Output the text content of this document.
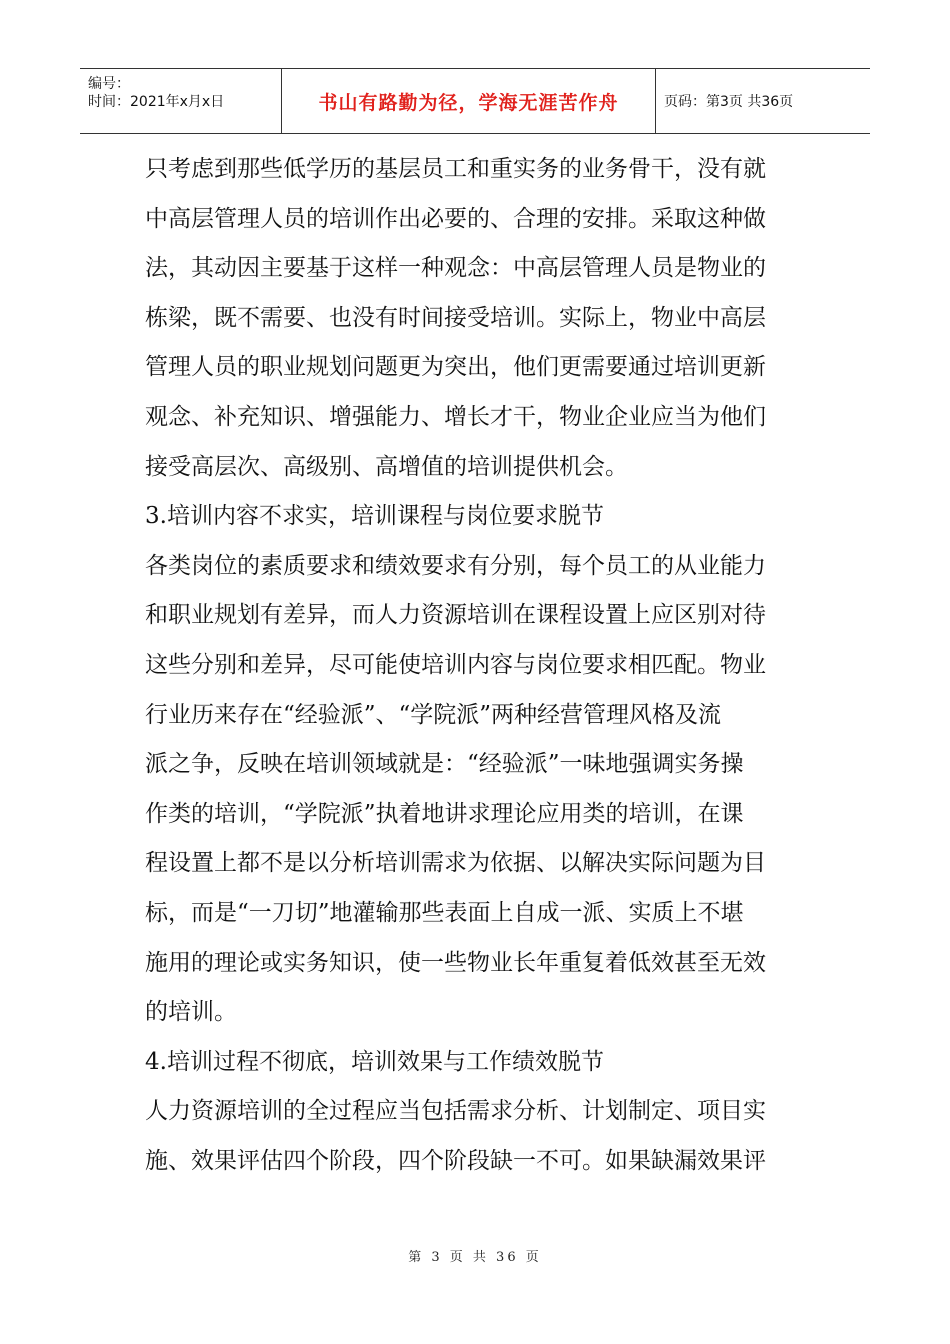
编号：
时间：2021年x月x日	书山有路勤为径，学海无涯苦作舟	页码：第3页 共36页

只考虑到那些低学历的基层员工和重实务的业务骨干，没有就

中高层管理人员的培训作出必要的、合理的安排。采取这种做

法，其动因主要基于这样一种观念：中高层管理人员是物业的

栋梁，既不需要、也没有时间接受培训。实际上，物业中高层

管理人员的职业规划问题更为突出，他们更需要通过培训更新

观念、补充知识、增强能力、增长才干，物业企业应当为他们

接受高层次、高级别、高增值的培训提供机会。

3.培训内容不求实，培训课程与岗位要求脱节

各类岗位的素质要求和绩效要求有分别，每个员工的从业能力

和职业规划有差异，而人力资源培训在课程设置上应区别对待

这些分别和差异，尽可能使培训内容与岗位要求相匹配。物业

行业历来存在“经验派”、“学院派”两种经营管理风格及流

派之争，反映在培训领域就是：“经验派”一味地强调实务操

作类的培训，“学院派”执着地讲求理论应用类的培训，在课

程设置上都不是以分析培训需求为依据、以解决实际问题为目

标，而是“一刀切”地灌输那些表面上自成一派、实质上不堪

施用的理论或实务知识，使一些物业长年重复着低效甚至无效

的培训。

4.培训过程不彻底，培训效果与工作绩效脱节

人力资源培训的全过程应当包括需求分析、计划制定、项目实

施、效果评估四个阶段，四个阶段缺一不可。如果缺漏效果评

第 3 页 共 36 页
